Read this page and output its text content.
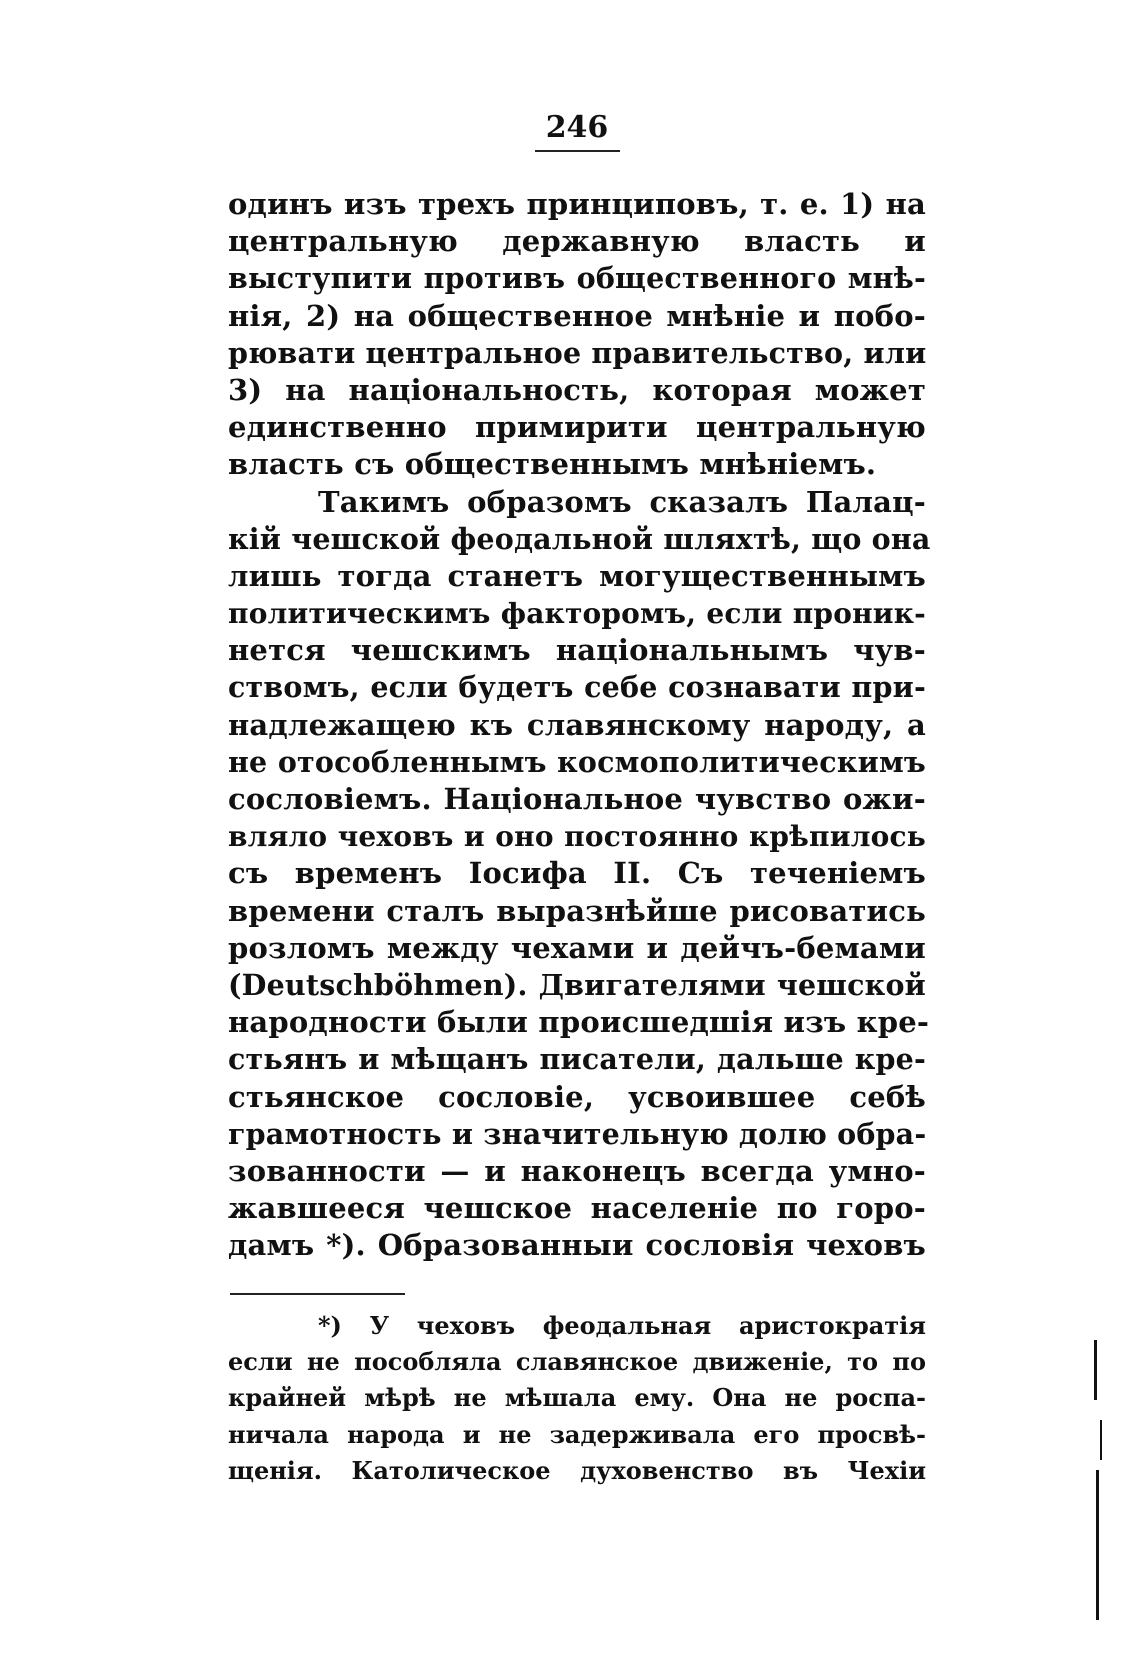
246
одинъ изъ трехъ принциповъ, т. е. 1) на
центральную державную власть и
выступити противъ общественного мнѣ-
нія, 2) на общественное мнѣніе и побо-
рювати центральное правительство, или
3) на національность, которая может
единственно примирити центральную
власть съ общественнымъ мнѣніемъ.
Такимъ образомъ сказалъ Палац-
кій чешской феодальной шляхтѣ, що она
лишь тогда станетъ могущественнымъ
политическимъ факторомъ, если проник-
нется чешскимъ національнымъ чув-
ствомъ, если будетъ себе сознавати при-
надлежащею къ славянскому народу, а
не отособленнымъ космополитическимъ
сословіемъ. Національное чувство ожи-
вляло чеховъ и оно постоянно крѣпилось
съ временъ Іосифа II. Съ теченіемъ
времени сталъ выразнѣйше рисоватись
розломъ между чехами и дейчъ-бемами
(Deutschböhmen). Двигателями чешской
народности были происшедшія изъ кре-
стьянъ и мѣщанъ писатели, дальше кре-
стьянское сословіе, усвоившее себѣ
грамотность и значительную долю обра-
зованности — и наконецъ всегда умно-
жавшееся чешское населеніе по горо-
дамъ *). Образованныи сословія чеховъ
*) У чеховъ феодальная аристократія
если не пособляла славянское движеніе, то по
крайней мѣрѣ не мѣшала ему. Она не роспа-
ничала народа и не задерживала его просвѣ-
щенія. Католическое духовенство въ Чехіи
